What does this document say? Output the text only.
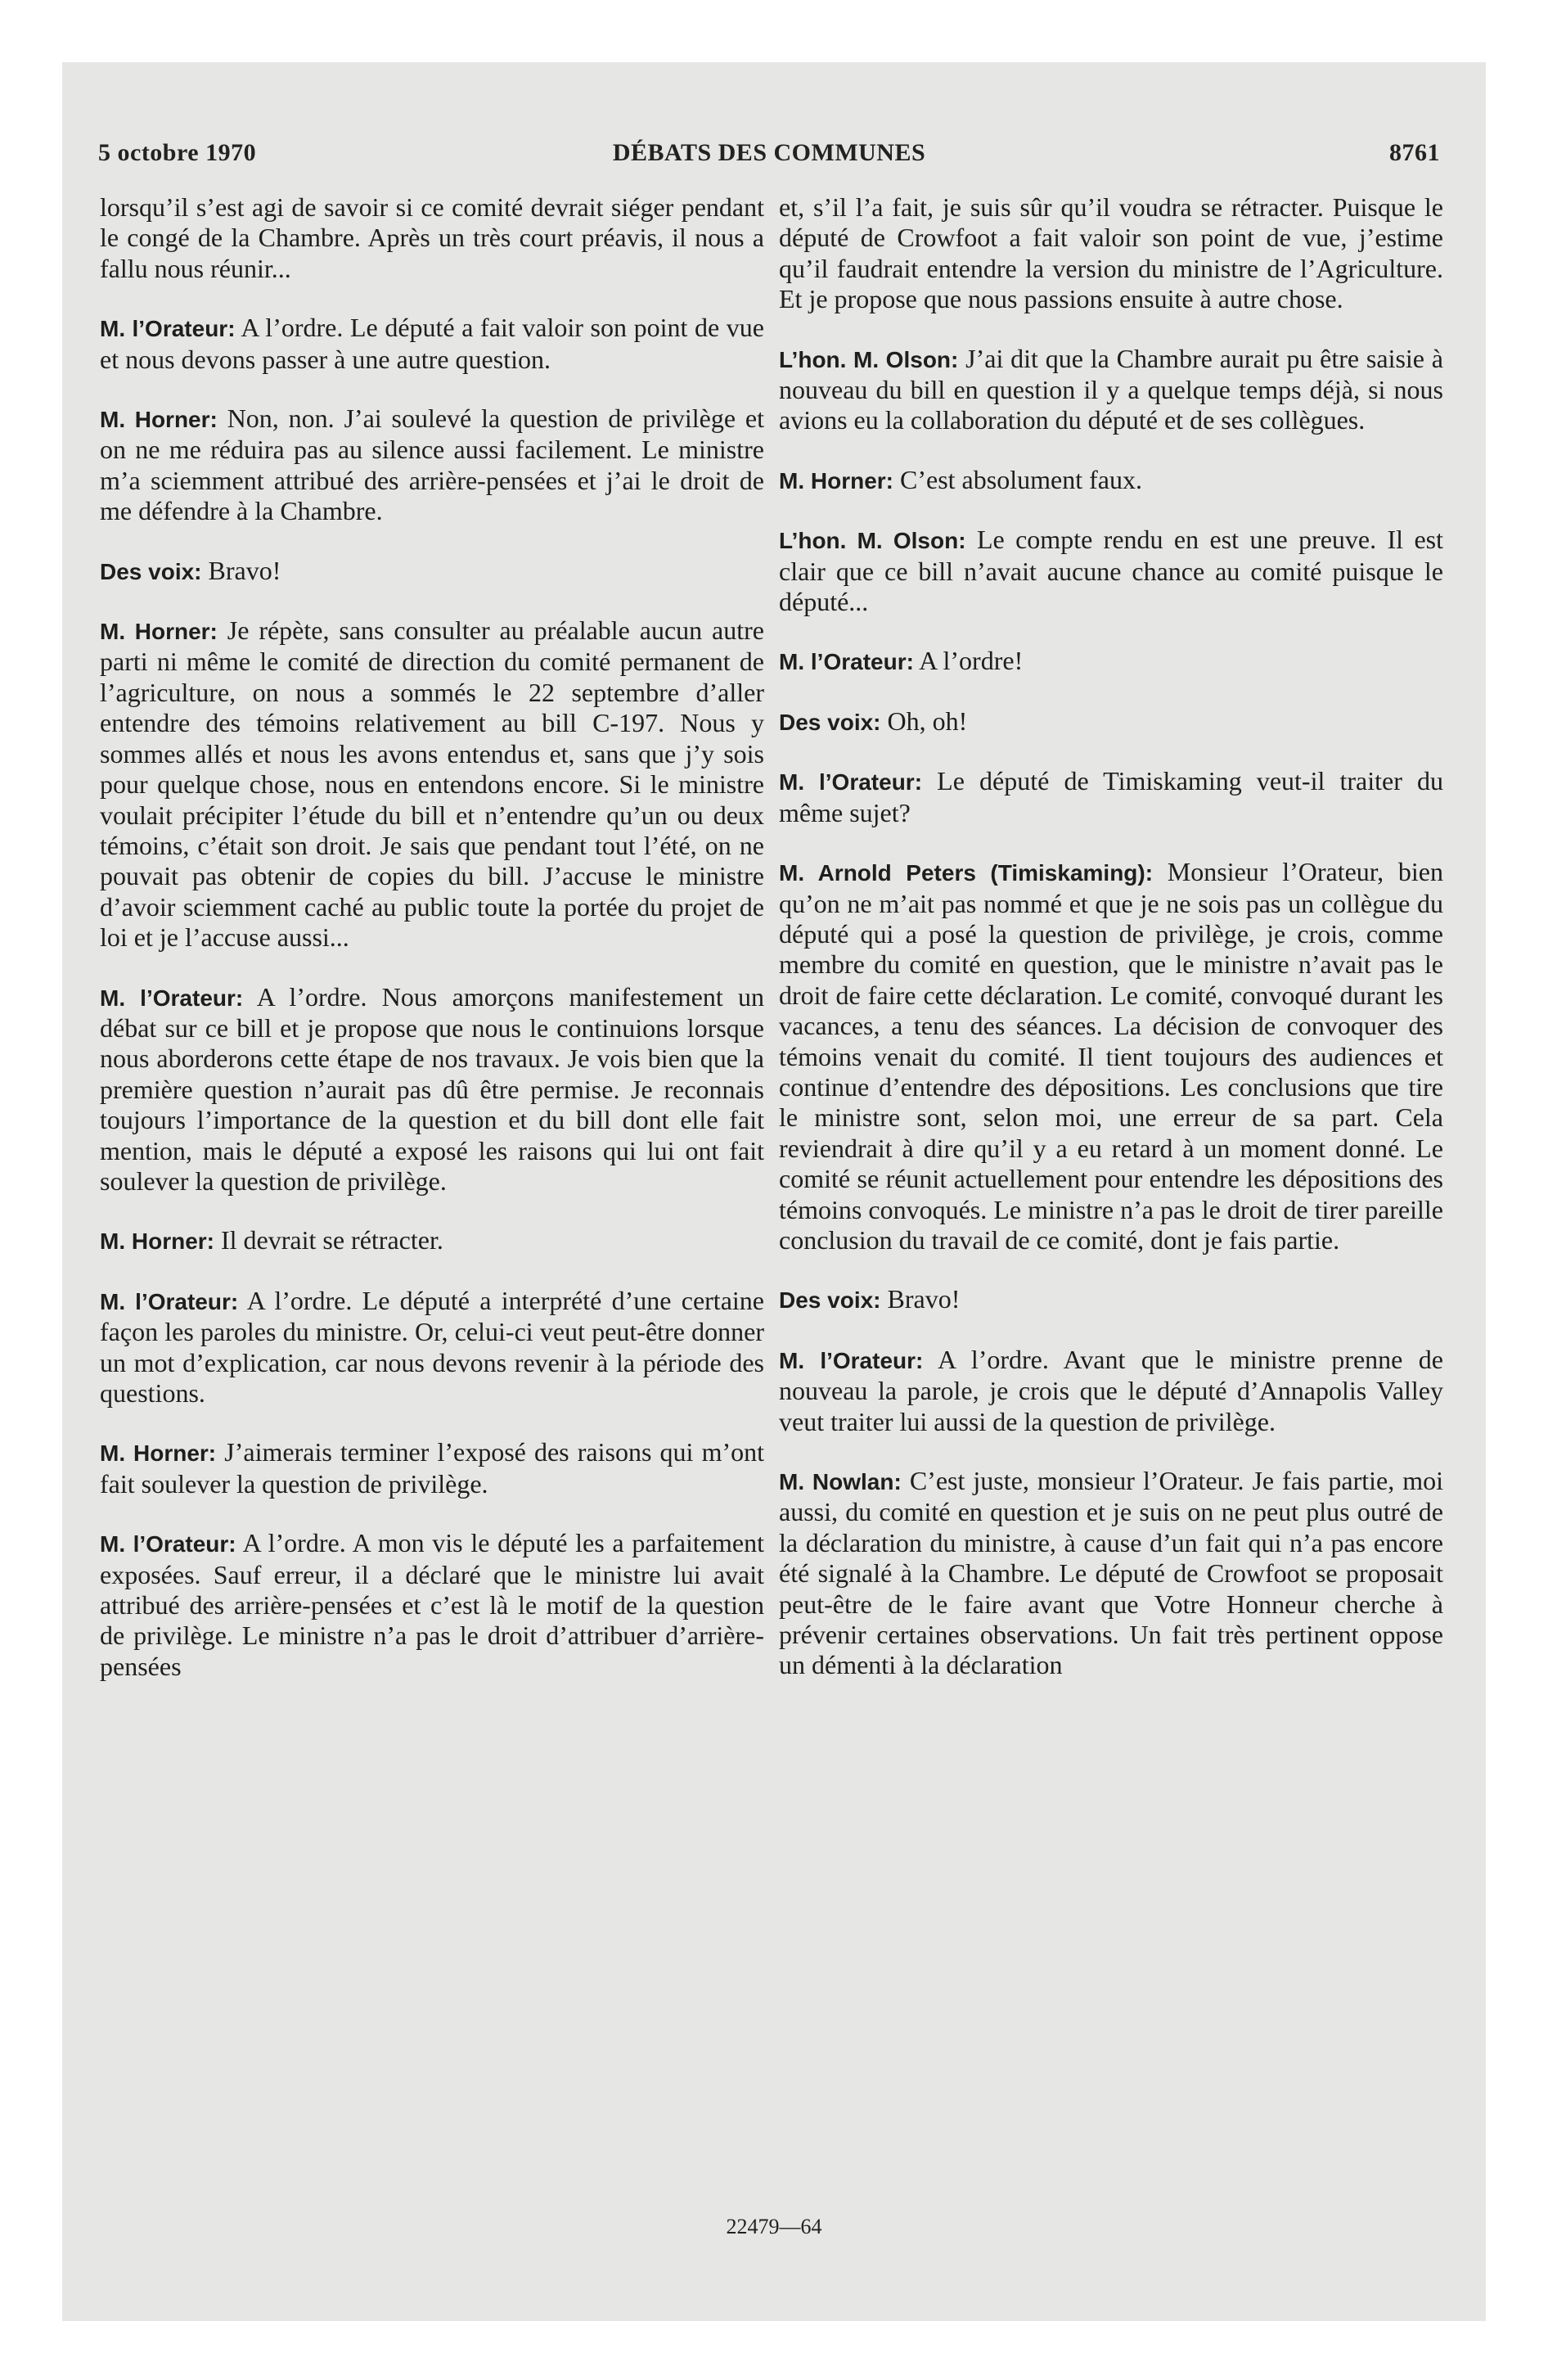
5 octobre 1970	DÉBATS DES COMMUNES	8761

lorsqu’il s’est agi de savoir si ce comité devrait siéger pendant le congé de la Chambre. Après un très court préavis, il nous a fallu nous réunir...

M. l’Orateur: A l’ordre. Le député a fait valoir son point de vue et nous devons passer à une autre question.

M. Horner: Non, non. J’ai soulevé la question de privilège et on ne me réduira pas au silence aussi facilement. Le ministre m’a sciemment attribué des arrière-pensées et j’ai le droit de me défendre à la Chambre.

Des voix: Bravo!

M. Horner: Je répète, sans consulter au préalable aucun autre parti ni même le comité de direction du comité permanent de l’agriculture, on nous a sommés le 22 septembre d’aller entendre des témoins relativement au bill C-197. Nous y sommes allés et nous les avons entendus et, sans que j’y sois pour quelque chose, nous en entendons encore. Si le ministre voulait précipiter l’étude du bill et n’entendre qu’un ou deux témoins, c’était son droit. Je sais que pendant tout l’été, on ne pouvait pas obtenir de copies du bill. J’accuse le ministre d’avoir sciemment caché au public toute la portée du projet de loi et je l’accuse aussi...

M. l’Orateur: A l’ordre. Nous amorçons manifestement un débat sur ce bill et je propose que nous le continuions lorsque nous aborderons cette étape de nos travaux. Je vois bien que la première question n’aurait pas dû être permise. Je reconnais toujours l’importance de la question et du bill dont elle fait mention, mais le député a exposé les raisons qui lui ont fait soulever la question de privilège.

M. Horner: Il devrait se rétracter.

M. l’Orateur: A l’ordre. Le député a interprété d’une certaine façon les paroles du ministre. Or, celui-ci veut peut-être donner un mot d’explication, car nous devons revenir à la période des questions.

M. Horner: J’aimerais terminer l’exposé des raisons qui m’ont fait soulever la question de privilège.

M. l’Orateur: A l’ordre. A mon vis le député les a parfaitement exposées. Sauf erreur, il a déclaré que le ministre lui avait attribué des arrière-pensées et c’est là le motif de la question de privilège. Le ministre n’a pas le droit d’attribuer d’arrière-pensées

et, s’il l’a fait, je suis sûr qu’il voudra se rétracter. Puisque le député de Crowfoot a fait valoir son point de vue, j’estime qu’il faudrait entendre la version du ministre de l’Agriculture. Et je propose que nous passions ensuite à autre chose.

L’hon. M. Olson: J’ai dit que la Chambre aurait pu être saisie à nouveau du bill en question il y a quelque temps déjà, si nous avions eu la collaboration du député et de ses collègues.

M. Horner: C’est absolument faux.

L’hon. M. Olson: Le compte rendu en est une preuve. Il est clair que ce bill n’avait aucune chance au comité puisque le député...

M. l’Orateur: A l’ordre!

Des voix: Oh, oh!

M. l’Orateur: Le député de Timiskaming veut-il traiter du même sujet?

M. Arnold Peters (Timiskaming): Monsieur l’Orateur, bien qu’on ne m’ait pas nommé et que je ne sois pas un collègue du député qui a posé la question de privilège, je crois, comme membre du comité en question, que le ministre n’avait pas le droit de faire cette déclaration. Le comité, convoqué durant les vacances, a tenu des séances. La décision de convoquer des témoins venait du comité. Il tient toujours des audiences et continue d’entendre des dépositions. Les conclusions que tire le ministre sont, selon moi, une erreur de sa part. Cela reviendrait à dire qu’il y a eu retard à un moment donné. Le comité se réunit actuellement pour entendre les dépositions des témoins convoqués. Le ministre n’a pas le droit de tirer pareille conclusion du travail de ce comité, dont je fais partie.

Des voix: Bravo!

M. l’Orateur: A l’ordre. Avant que le ministre prenne de nouveau la parole, je crois que le député d’Annapolis Valley veut traiter lui aussi de la question de privilège.

M. Nowlan: C’est juste, monsieur l’Orateur. Je fais partie, moi aussi, du comité en question et je suis on ne peut plus outré de la déclaration du ministre, à cause d’un fait qui n’a pas encore été signalé à la Chambre. Le député de Crowfoot se proposait peut-être de le faire avant que Votre Honneur cherche à prévenir certaines observations. Un fait très pertinent oppose un démenti à la déclaration

22479—64
